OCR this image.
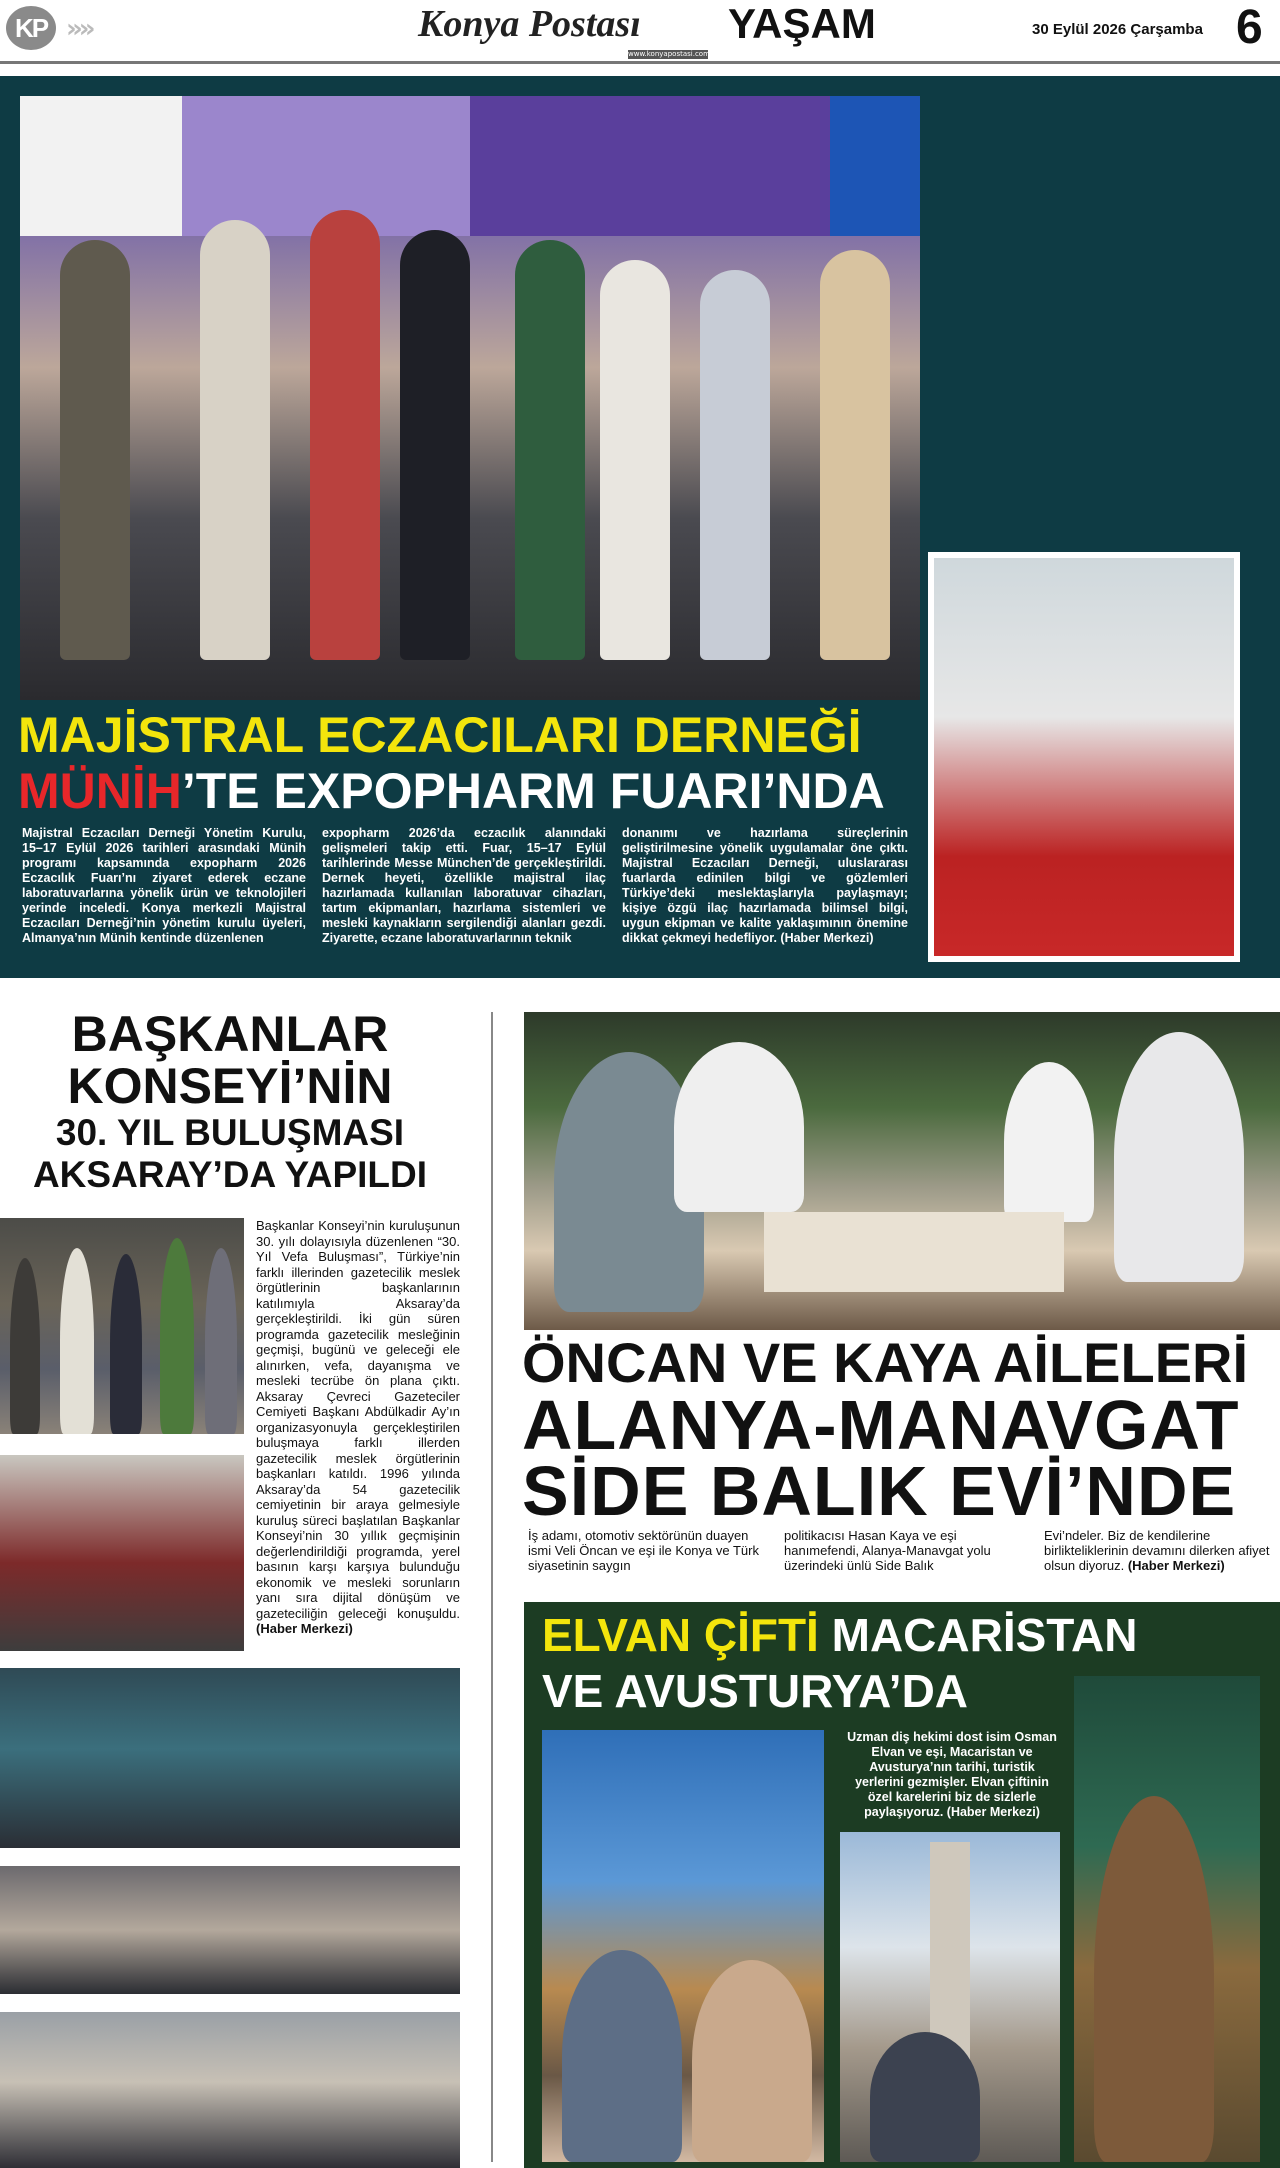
KP »»	Konya Postası YAŞAM
www.konyapostasi.com.tr
30 Eylül 2026 Çarşamba 6
MAJİSTRAL ECZACILARI DERNEĞİ
MÜNİH’TE EXPOPHARM FUARI’NDA
Majistral Eczacıları Derneği Yönetim Kurulu, 15–17 Eylül 2026 tarihleri arasındaki Münih programı kapsamında expopharm 2026 Eczacılık Fuarı’nı ziyaret ederek eczane laboratuvarlarına yönelik ürün ve teknolojileri yerinde inceledi. Konya merkezli Majistral Eczacıları Derneği’nin yönetim kurulu üyeleri, Almanya’nın Münih kentinde düzenlenen
expopharm 2026’da eczacılık alanındaki gelişmeleri takip etti. Fuar, 15–17 Eylül tarihlerinde Messe München’de gerçekleştirildi. Dernek heyeti, özellikle majistral ilaç hazırlamada kullanılan laboratuvar cihazları, tartım ekipmanları, hazırlama sistemleri ve mesleki kaynakların sergilendiği alanları gezdi. Ziyarette, eczane laboratuvarlarının teknik
donanımı ve hazırlama süreçlerinin geliştirilmesine yönelik uygulamalar öne çıktı. Majistral Eczacıları Derneği, uluslararası fuarlarda edinilen bilgi ve gözlemleri Türkiye’deki meslektaşlarıyla paylaşmayı; kişiye özgü ilaç hazırlamada bilimsel bilgi, uygun ekipman ve kalite yaklaşımının önemine dikkat çekmeyi hedefliyor. (Haber Merkezi)
BAŞKANLAR
KONSEYİ’NİN
30. YIL BULUŞMASI
AKSARAY’DA YAPILDI
Başkanlar Konseyi’nin kuruluşunun 30. yılı dolayısıyla düzenlenen “30. Yıl Vefa Buluşması”, Türkiye’nin farklı illerinden gazetecilik meslek örgütlerinin başkanlarının katılımıyla Aksaray’da gerçekleştirildi. İki gün süren programda gazetecilik mesleğinin geçmişi, bugünü ve geleceği ele alınırken, vefa, dayanışma ve mesleki tecrübe ön plana çıktı. Aksaray Çevreci Gazeteciler Cemiyeti Başkanı Abdülkadir Ay’ın organizasyonuyla gerçekleştirilen buluşmaya farklı illerden gazetecilik meslek örgütlerinin başkanları katıldı. 1996 yılında Aksaray’da 54 gazetecilik cemiyetinin bir araya gelmesiyle kuruluş süreci başlatılan Başkanlar Konseyi’nin 30 yıllık geçmişinin değerlendirildiği programda, yerel basının karşı karşıya bulunduğu ekonomik ve mesleki sorunların yanı sıra dijital dönüşüm ve gazeteciliğin geleceği konuşuldu. (Haber Merkezi)
ÖNCAN VE KAYA AİLELERİ
ALANYA-MANAVGAT
SİDE BALIK EVİ’NDE
İş adamı, otomotiv sektörünün duayen ismi Veli Öncan ve eşi ile Konya ve Türk siyasetinin saygın
politikacısı Hasan Kaya ve eşi hanımefendi, Alanya-Manavgat yolu üzerindeki ünlü Side Balık
Evi’ndeler. Biz de kendilerine birlikteliklerinin devamını dilerken afiyet olsun diyoruz. (Haber Merkezi)
ELVAN ÇİFTİ MACARİSTAN
VE AVUSTURYA’DA
Uzman diş hekimi dost isim Osman Elvan ve eşi, Macaristan ve Avusturya’nın tarihi, turistik yerlerini gezmişler. Elvan çiftinin özel karelerini biz de sizlerle paylaşıyoruz. (Haber Merkezi)
